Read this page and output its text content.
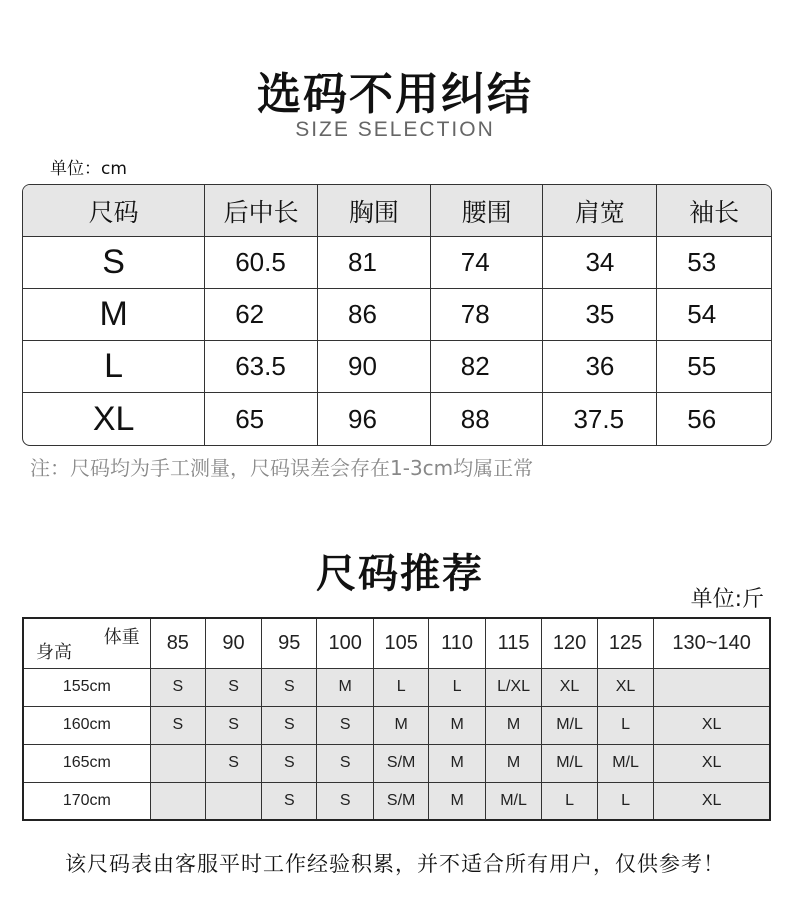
选码不用纠结
SIZE SELECTION
单位：cm
尺码	后中长	胸围	腰围	肩宽	袖长
S	60.5	81	74	34	53
M	62	86	78	35	54
L	63.5	90	82	36	55
XL	65	96	88	37.5	56
注：尺码均为手工测量，尺码误差会存在1-3cm均属正常
尺码推荐
单位:斤
体重
身高	85	90	95	100	105	110	115	120	125	130~140
155cm	S	S	S	M	L	L	L/XL	XL	XL	
160cm	S	S	S	S	M	M	M	M/L	L	XL
165cm		S	S	S	S/M	M	M	M/L	M/L	XL
170cm			S	S	S/M	M	M/L	L	L	XL
该尺码表由客服平时工作经验积累，并不适合所有用户，仅供参考！
